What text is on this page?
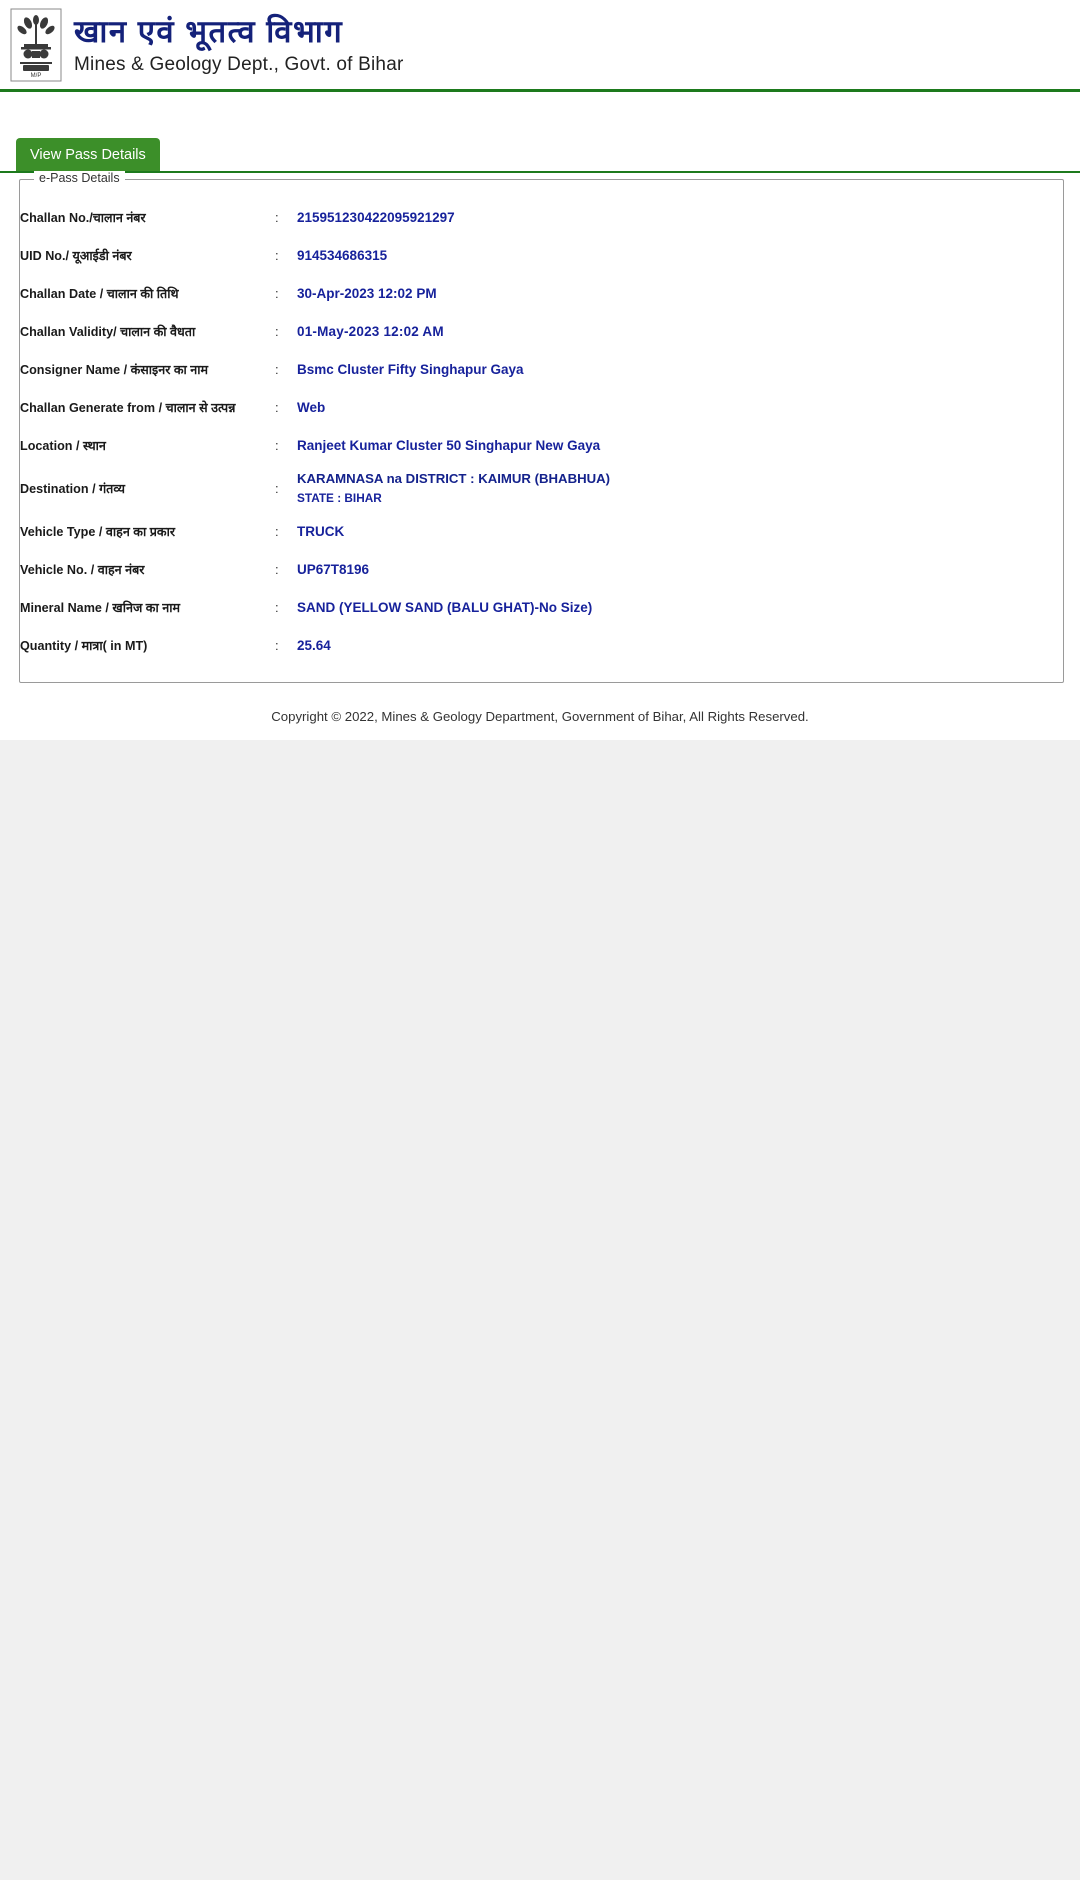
M/P
खान एवं भूतत्व विभाग
Mines & Geology Dept., Govt. of Bihar
View Pass Details
e-Pass Details
Challan No./चालान नंबर	:	215951230422095921297
UID No./ यूआईडी नंबर	:	914534686315
Challan Date / चालान की तिथि	:	30-Apr-2023 12:02 PM
Challan Validity/ चालान की वैधता	:	01-May-2023 12:02 AM
Consigner Name / कंसाइनर का नाम	:	Bsmc Cluster Fifty Singhapur Gaya
Challan Generate from / चालान से उत्पन्न	:	Web
Location / स्थान	:	Ranjeet Kumar Cluster 50 Singhapur New Gaya
Destination / गंतव्य	:	KARAMNASA na DISTRICT : KAIMUR (BHABHUA)
STATE : BIHAR

Vehicle Type / वाहन का प्रकार	:	TRUCK
Vehicle No. / वाहन नंबर	:	UP67T8196
Mineral Name / खनिज का नाम	:	SAND (YELLOW SAND (BALU GHAT)-No Size)
Quantity / मात्रा( in MT)	:	25.64
Copyright © 2022, Mines & Geology Department, Government of Bihar, All Rights Reserved.
